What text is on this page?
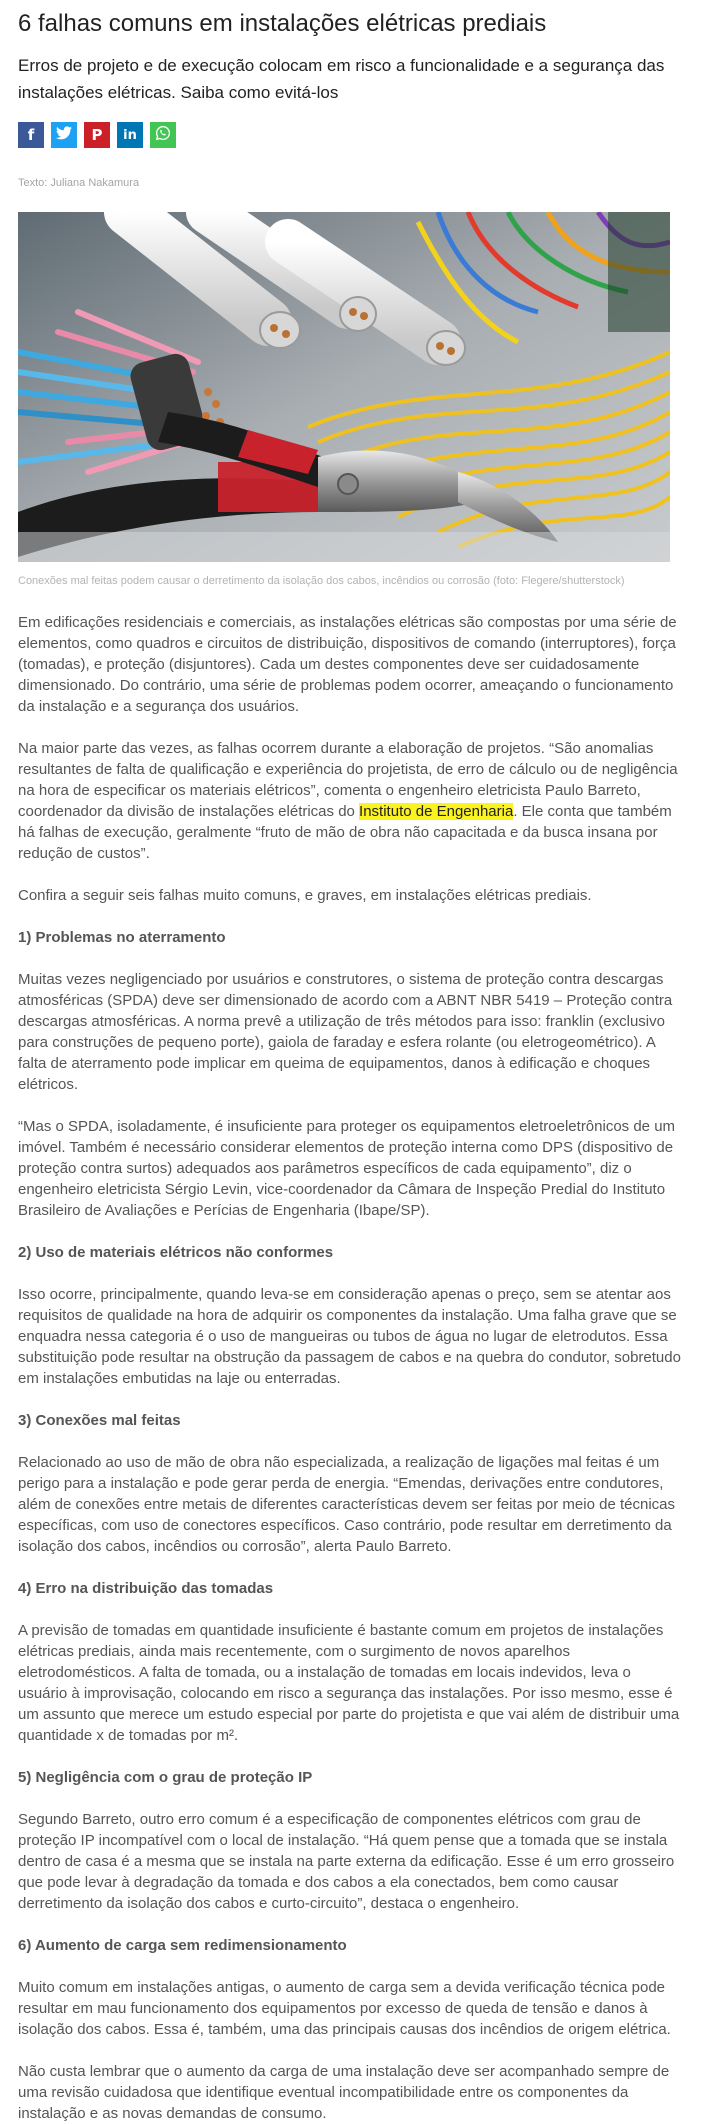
6 falhas comuns em instalações elétricas prediais
Erros de projeto e de execução colocam em risco a funcionalidade e a segurança das instalações elétricas. Saiba como evitá-los
f	P in
Texto: Juliana Nakamura
Conexões mal feitas podem causar o derretimento da isolação dos cabos, incêndios ou corrosão (foto: Flegere/shutterstock)

Em edificações residenciais e comerciais, as instalações elétricas são compostas por uma série de elementos, como quadros e circuitos de distribuição, dispositivos de comando (interruptores), força (tomadas), e proteção (disjuntores). Cada um destes componentes deve ser cuidadosamente dimensionado. Do contrário, uma série de problemas podem ocorrer, ameaçando o funcionamento da instalação e a segurança dos usuários.

Na maior parte das vezes, as falhas ocorrem durante a elaboração de projetos. “São anomalias resultantes de falta de qualificação e experiência do projetista, de erro de cálculo ou de negligência na hora de especificar os materiais elétricos”, comenta o engenheiro eletricista Paulo Barreto, coordenador da divisão de instalações elétricas do Instituto de Engenharia. Ele conta que também há falhas de execução, geralmente “fruto de mão de obra não capacitada e da busca insana por redução de custos”.

Confira a seguir seis falhas muito comuns, e graves, em instalações elétricas prediais.

1) Problemas no aterramento

Muitas vezes negligenciado por usuários e construtores, o sistema de proteção contra descargas atmosféricas (SPDA) deve ser dimensionado de acordo com a ABNT NBR 5419 – Proteção contra descargas atmosféricas. A norma prevê a utilização de três métodos para isso: franklin (exclusivo para construções de pequeno porte), gaiola de faraday e esfera rolante (ou eletrogeométrico). A falta de aterramento pode implicar em queima de equipamentos, danos à edificação e choques elétricos.

“Mas o SPDA, isoladamente, é insuficiente para proteger os equipamentos eletroeletrônicos de um imóvel. Também é necessário considerar elementos de proteção interna como DPS (dispositivo de proteção contra surtos) adequados aos parâmetros específicos de cada equipamento”, diz o engenheiro eletricista Sérgio Levin, vice-coordenador da Câmara de Inspeção Predial do Instituto Brasileiro de Avaliações e Perícias de Engenharia (Ibape/SP).

2) Uso de materiais elétricos não conformes

Isso ocorre, principalmente, quando leva-se em consideração apenas o preço, sem se atentar aos requisitos de qualidade na hora de adquirir os componentes da instalação. Uma falha grave que se enquadra nessa categoria é o uso de mangueiras ou tubos de água no lugar de eletrodutos. Essa substituição pode resultar na obstrução da passagem de cabos e na quebra do condutor, sobretudo em instalações embutidas na laje ou enterradas.

3) Conexões mal feitas

Relacionado ao uso de mão de obra não especializada, a realização de ligações mal feitas é um perigo para a instalação e pode gerar perda de energia. “Emendas, derivações entre condutores, além de conexões entre metais de diferentes características devem ser feitas por meio de técnicas específicas, com uso de conectores específicos. Caso contrário, pode resultar em derretimento da isolação dos cabos, incêndios ou corrosão”, alerta Paulo Barreto.

4) Erro na distribuição das tomadas

A previsão de tomadas em quantidade insuficiente é bastante comum em projetos de instalações elétricas prediais, ainda mais recentemente, com o surgimento de novos aparelhos eletrodomésticos. A falta de tomada, ou a instalação de tomadas em locais indevidos, leva o usuário à improvisação, colocando em risco a segurança das instalações. Por isso mesmo, esse é um assunto que merece um estudo especial por parte do projetista e que vai além de distribuir uma quantidade x de tomadas por m².

5) Negligência com o grau de proteção IP

Segundo Barreto, outro erro comum é a especificação de componentes elétricos com grau de proteção IP incompatível com o local de instalação. “Há quem pense que a tomada que se instala dentro de casa é a mesma que se instala na parte externa da edificação. Esse é um erro grosseiro que pode levar à degradação da tomada e dos cabos a ela conectados, bem como causar derretimento da isolação dos cabos e curto-circuito”, destaca o engenheiro.

6) Aumento de carga sem redimensionamento

Muito comum em instalações antigas, o aumento de carga sem a devida verificação técnica pode resultar em mau funcionamento dos equipamentos por excesso de queda de tensão e danos à isolação dos cabos. Essa é, também, uma das principais causas dos incêndios de origem elétrica.

Não custa lembrar que o aumento da carga de uma instalação deve ser acompanhado sempre de uma revisão cuidadosa que identifique eventual incompatibilidade entre os componentes da instalação e as novas demandas de consumo.
